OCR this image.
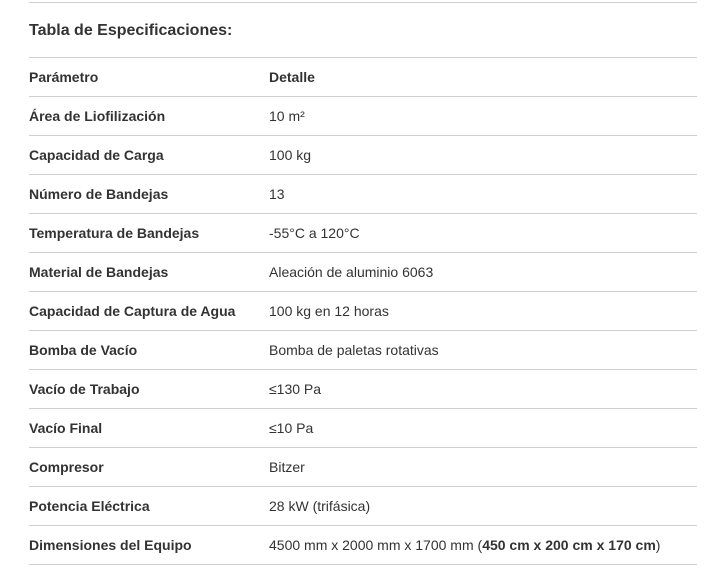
Tabla de Especificaciones:
Parámetro	Detalle
Área de Liofilización	10 m²
Capacidad de Carga	100 kg
Número de Bandejas	13
Temperatura de Bandejas	-55°C a 120°C
Material de Bandejas	Aleación de aluminio 6063
Capacidad de Captura de Agua	100 kg en 12 horas
Bomba de Vacío	Bomba de paletas rotativas
Vacío de Trabajo	≤130 Pa
Vacío Final	≤10 Pa
Compresor	Bitzer
Potencia Eléctrica	28 kW (trifásica)
Dimensiones del Equipo	4500 mm x 2000 mm x 1700 mm (450 cm x 200 cm x 170 cm)
